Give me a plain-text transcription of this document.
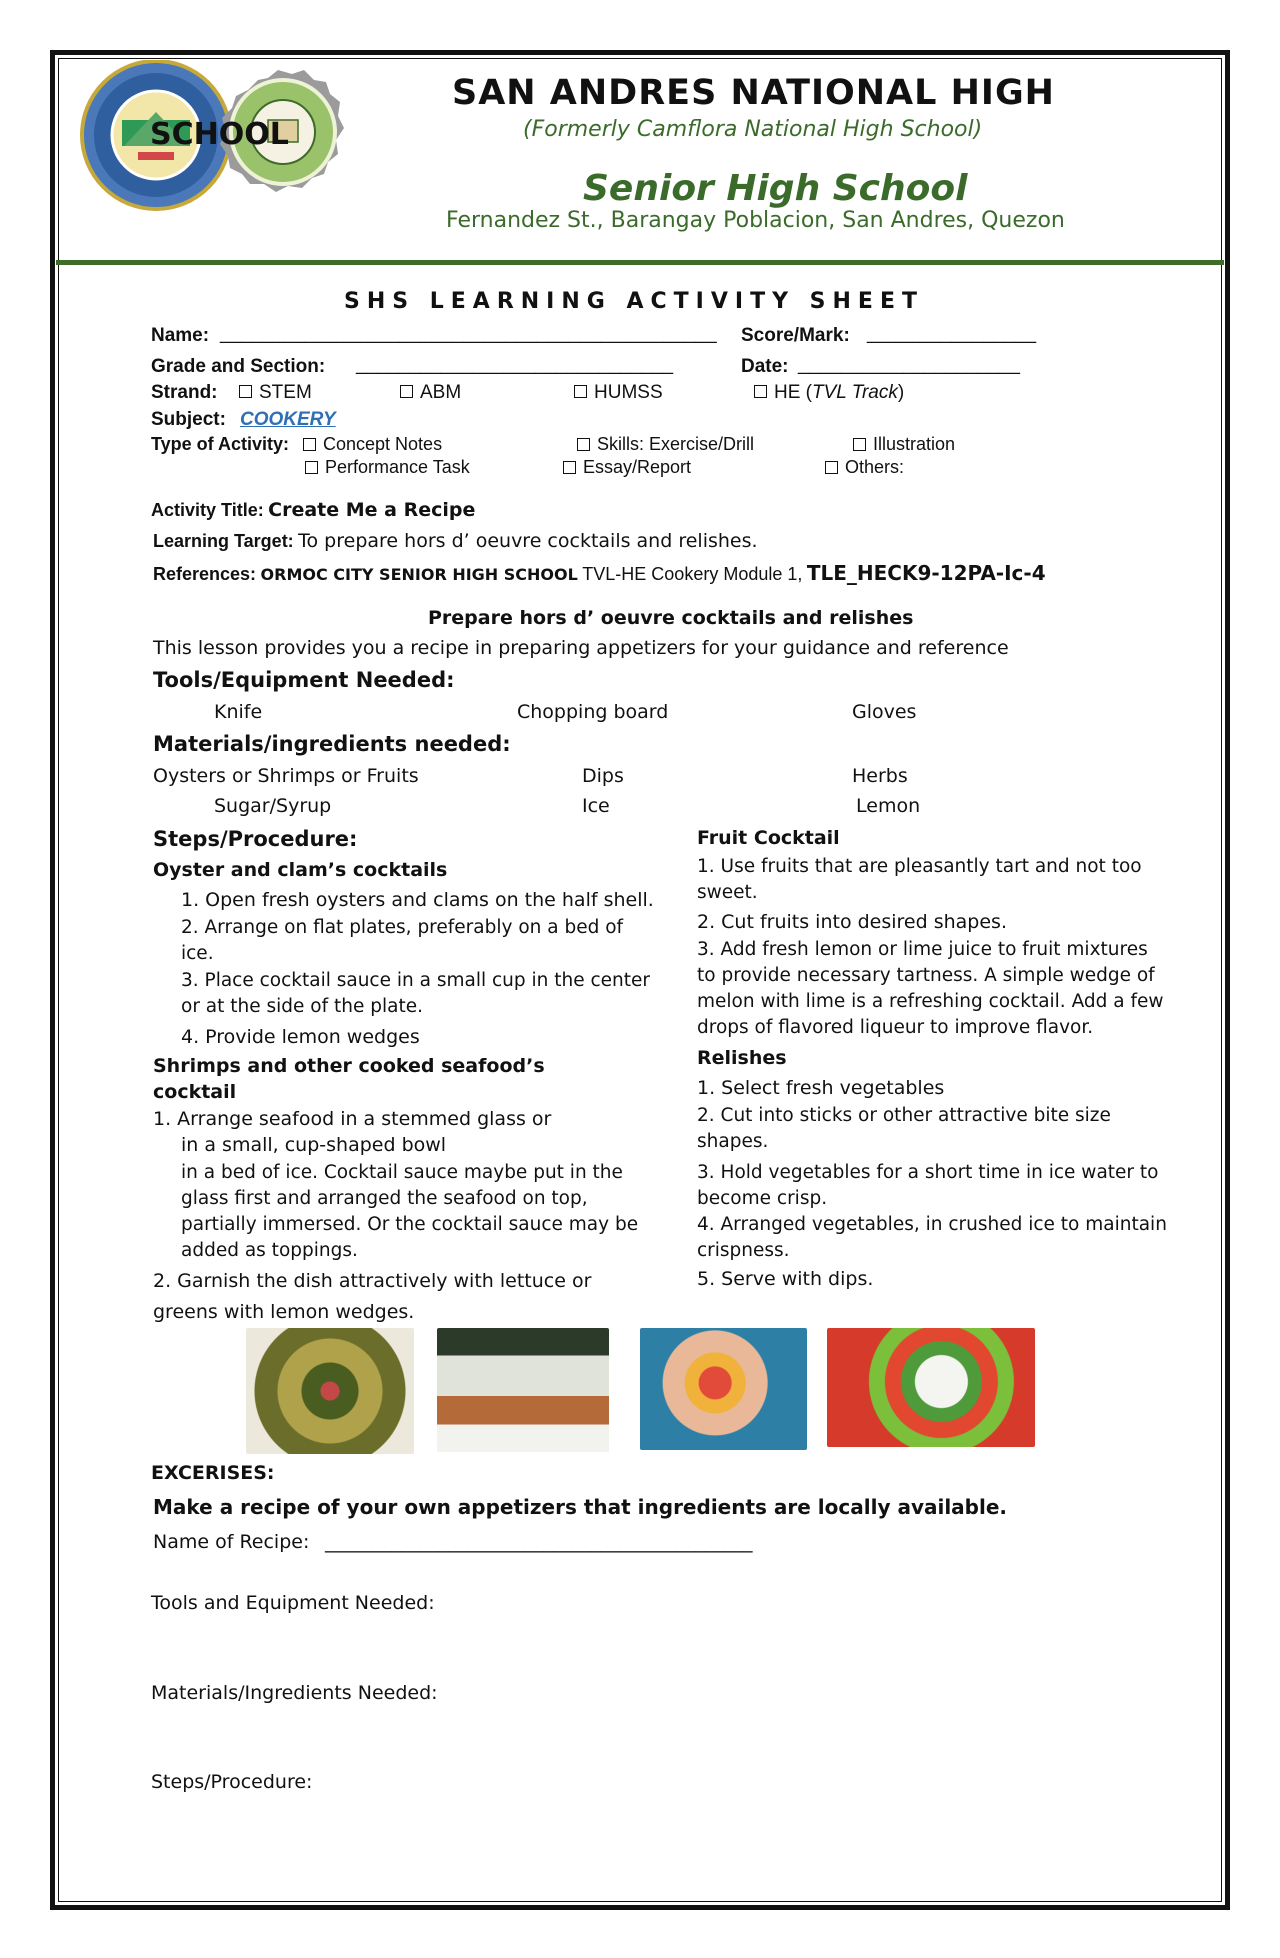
SCHOOL
SAN ANDRES NATIONAL HIGH
(Formerly Camflora National High School)
Senior High School
Fernandez St., Barangay Poblacion, San Andres, Quezon
SHS LEARNING ACTIVITY SHEET
Name: _______________________________________________ Score/Mark: ________________
Grade and Section: ______________________________	Date: _____________________
Strand:	STEM	ABM	HUMSS	HE (TVL Track)
Subject: COOKERY
Type of Activity:	Concept Notes	Skills: Exercise/Drill	Illustration
Performance Task	Essay/Report	Others:
Activity Title: Create Me a Recipe
Learning Target: To prepare hors d’ oeuvre cocktails and relishes.
References: ORMOC CITY SENIOR HIGH SCHOOL TVL-HE Cookery Module 1, TLE_HECK9-12PA-Ic-4
Prepare hors d’ oeuvre cocktails and relishes
This lesson provides you a recipe in preparing appetizers for your guidance and reference
Tools/Equipment Needed:
Knife	Chopping board	Gloves
Materials/ingredients needed:
Oysters or Shrimps or Fruits	Dips	Herbs
Sugar/Syrup	Ice	Lemon
Steps/Procedure:
Oyster and clam’s cocktails
1. Open fresh oysters and clams on the half shell.
2. Arrange on flat plates, preferably on a bed of ice.
3. Place cocktail sauce in a small cup in the center or at the side of the plate.
4. Provide lemon wedges
Shrimps and other cooked seafood’s
cocktail
1. Arrange seafood in a stemmed glass or
in a small, cup-shaped bowl
in a bed of ice. Cocktail sauce maybe put in the glass first and arranged the seafood on top, partially immersed. Or the cocktail sauce may be added as toppings.
2. Garnish the dish attractively with lettuce or
greens with lemon wedges.
Fruit Cocktail
1. Use fruits that are pleasantly tart and not too sweet.
2. Cut fruits into desired shapes.
3. Add fresh lemon or lime juice to fruit mixtures to provide necessary tartness. A simple wedge of melon with lime is a refreshing cocktail. Add a few drops of flavored liqueur to improve flavor.
Relishes
1. Select fresh vegetables
2. Cut into sticks or other attractive bite size shapes.
3. Hold vegetables for a short time in ice water to become crisp.
4. Arranged vegetables, in crushed ice to maintain crispness.
5. Serve with dips.
EXCERISES:
Make a recipe of your own appetizers that ingredients are locally available.
Name of Recipe: _____________________________________________
Tools and Equipment Needed:
Materials/Ingredients Needed:
Steps/Procedure:
